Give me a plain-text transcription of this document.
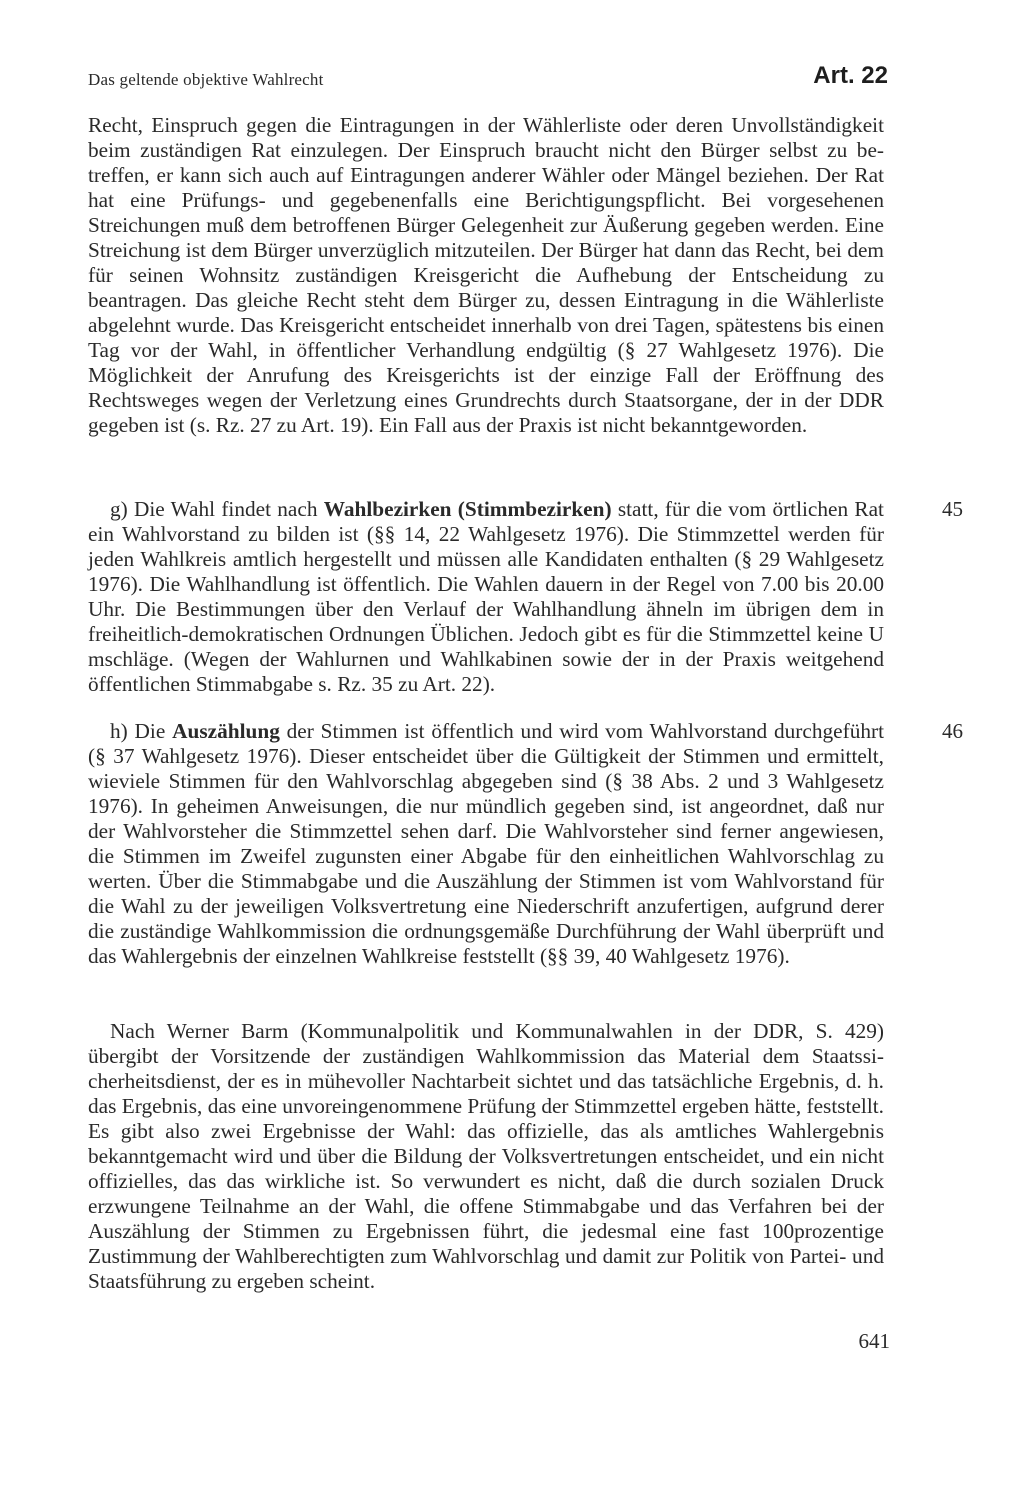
Das geltende objektive Wahlrecht	Art. 22

Recht, Einspruch gegen die Eintragungen in der Wählerliste oder deren Unvollständigkeit beim zuständigen Rat einzulegen. Der Einspruch braucht nicht den Bürger selbst zu betreffen, er kann sich auch auf Eintragungen anderer Wähler oder Mängel beziehen. Der Rat hat eine Prüfungs- und gegebenenfalls eine Berichtigungspflicht. Bei vorgesehenen Streichungen muß dem betroffenen Bürger Gelegenheit zur Äußerung gegeben werden. Eine Streichung ist dem Bürger unverzüglich mitzuteilen. Der Bürger hat dann das Recht, bei dem für seinen Wohnsitz zuständigen Kreisgericht die Aufhebung der Entscheidung zu beantragen. Das gleiche Recht steht dem Bürger zu, dessen Eintragung in die Wählerliste abgelehnt wurde. Das Kreisgericht entscheidet innerhalb von drei Tagen, spätestens bis einen Tag vor der Wahl, in öffentlicher Verhandlung endgültig (§ 27 Wahlgesetz 1976). Die Möglichkeit der Anrufung des Kreisgerichts ist der einzige Fall der Eröffnung des Rechtsweges wegen der Verletzung eines Grundrechts durch Staatsorgane, der in der DDR gegeben ist (s. Rz. 27 zu Art. 19). Ein Fall aus der Praxis ist nicht bekanntgeworden.

g) Die Wahl findet nach Wahlbezirken (Stimmbezirken) statt, für die vom örtlichen Rat ein Wahlvorstand zu bilden ist (§§ 14, 22 Wahlgesetz 1976). Die Stimmzettel werden für jeden Wahlkreis amtlich hergestellt und müssen alle Kandidaten enthalten (§ 29 Wahlgesetz 1976). Die Wahlhandlung ist öffentlich. Die Wahlen dauern in der Regel von 7.00 bis 20.00 Uhr. Die Bestimmungen über den Verlauf der Wahlhandlung ähneln im übrigen dem in freiheitlich-demokratischen Ordnungen Üblichen. Jedoch gibt es für die Stimmzettel keine U mschläge. (Wegen der Wahlurnen und Wahlkabinen sowie der in der Praxis weitgehend öffentlichen Stimmabgabe s. Rz. 35 zu Art. 22).

45

h) Die Auszählung der Stimmen ist öffentlich und wird vom Wahlvorstand durchgeführt (§ 37 Wahlgesetz 1976). Dieser entscheidet über die Gültigkeit der Stimmen und ermittelt, wieviele Stimmen für den Wahlvorschlag abgegeben sind (§ 38 Abs. 2 und 3 Wahlgesetz 1976). In geheimen Anweisungen, die nur mündlich gegeben sind, ist angeordnet, daß nur der Wahlvorsteher die Stimmzettel sehen darf. Die Wahlvorsteher sind ferner angewiesen, die Stimmen im Zweifel zugunsten einer Abgabe für den einheitlichen Wahlvorschlag zu werten. Über die Stimmabgabe und die Auszählung der Stimmen ist vom Wahlvorstand für die Wahl zu der jeweiligen Volksvertretung eine Niederschrift anzufertigen, aufgrund derer die zuständige Wahlkommission die ordnungsgemäße Durchführung der Wahl überprüft und das Wahlergebnis der einzelnen Wahlkreise feststellt (§§ 39, 40 Wahlgesetz 1976).

46

Nach Werner Barm (Kommunalpolitik und Kommunalwahlen in der DDR, S. 429) übergibt der Vorsitzende der zuständigen Wahlkommission das Material dem Staatssicherheitsdienst, der es in mühevoller Nachtarbeit sichtet und das tatsächliche Ergebnis, d. h. das Ergebnis, das eine unvoreingenommene Prüfung der Stimmzettel ergeben hätte, feststellt. Es gibt also zwei Ergebnisse der Wahl: das offizielle, das als amtliches Wahlergebnis bekanntgemacht wird und über die Bildung der Volksvertretungen entscheidet, und ein nicht offizielles, das das wirkliche ist. So verwundert es nicht, daß die durch sozialen Druck erzwungene Teilnahme an der Wahl, die offene Stimmabgabe und das Verfahren bei der Auszählung der Stimmen zu Ergebnissen führt, die jedesmal eine fast 100prozentige Zustimmung der Wahlberechtigten zum Wahlvorschlag und damit zur Politik von Partei- und Staatsführung zu ergeben scheint.

641
